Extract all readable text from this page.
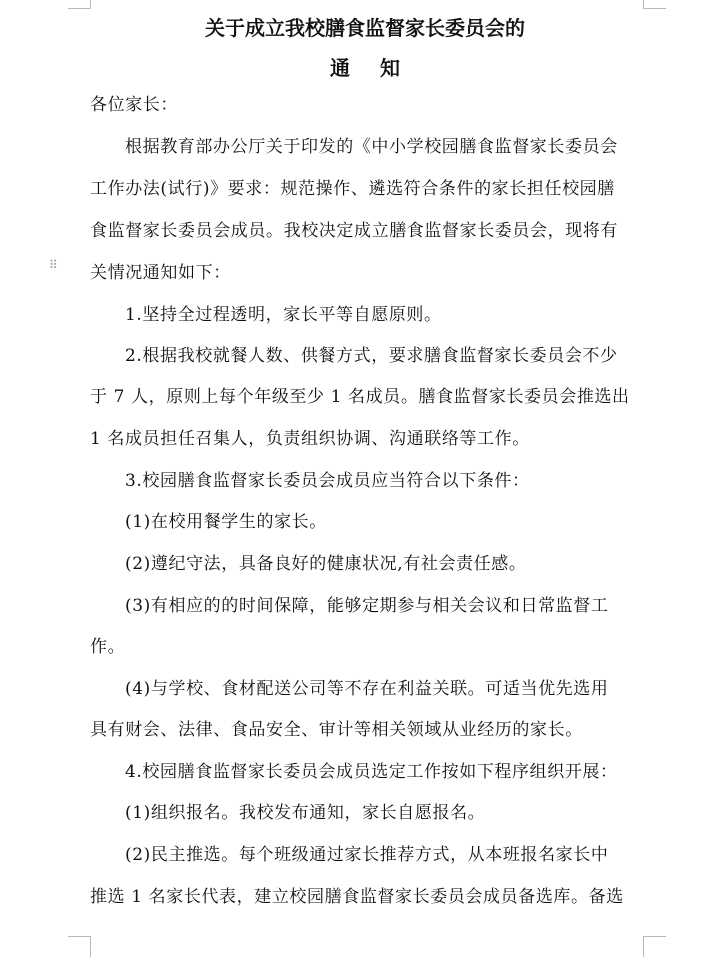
⠿
关于成立我校膳食监督家长委员会的
通知
各位家长：
根据教育部办公厅关于印发的《中小学校园膳食监督家长委员会
工作办法(试行)》要求：规范操作、遴选符合条件的家长担任校园膳
食监督家长委员会成员。我校决定成立膳食监督家长委员会，现将有
关情况通知如下：
1.坚持全过程透明，家长平等自愿原则。
2.根据我校就餐人数、供餐方式，要求膳食监督家长委员会不少
于 7 人，原则上每个年级至少 1 名成员。膳食监督家长委员会推选出
1 名成员担任召集人，负责组织协调、沟通联络等工作。
3.校园膳食监督家长委员会成员应当符合以下条件：
(1)在校用餐学生的家长。
(2)遵纪守法，具备良好的健康状况,有社会责任感。
(3)有相应的的时间保障，能够定期参与相关会议和日常监督工
作。
(4)与学校、食材配送公司等不存在利益关联。可适当优先选用
具有财会、法律、食品安全、审计等相关领域从业经历的家长。
4.校园膳食监督家长委员会成员选定工作按如下程序组织开展：
(1)组织报名。我校发布通知，家长自愿报名。
(2)民主推选。每个班级通过家长推荐方式，从本班报名家长中
推选 1 名家长代表，建立校园膳食监督家长委员会成员备选库。备选
